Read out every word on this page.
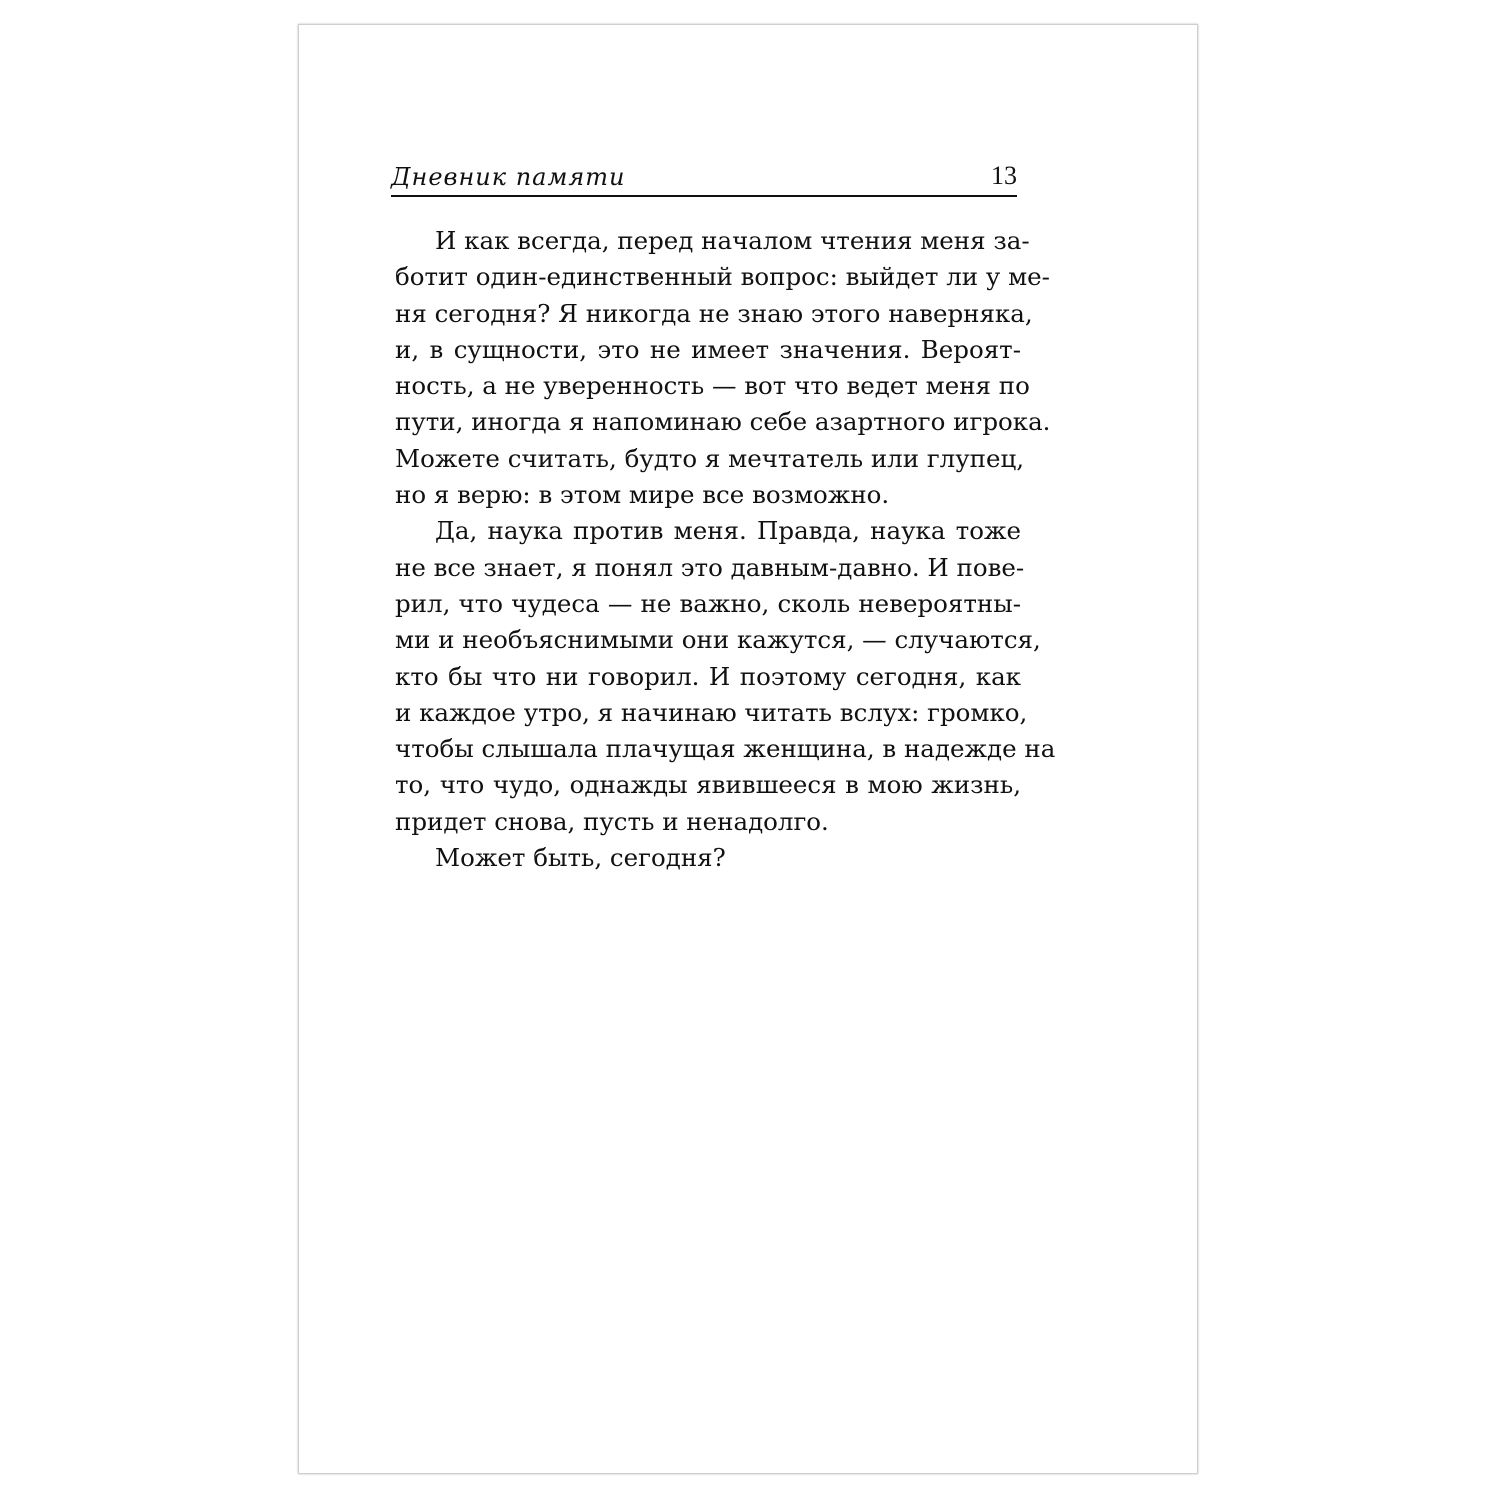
Дневник памяти	13
И как всегда, перед началом чтения меня за-
ботит один-единственный вопрос: выйдет ли у ме-
ня сегодня? Я никогда не знаю этого наверняка,
и, в сущности, это не имеет значения. Вероят-
ность, а не уверенность — вот что ведет меня по
пути, иногда я напоминаю себе азартного игрока.
Можете считать, будто я мечтатель или глупец,
но я верю: в этом мире все возможно.
Да, наука против меня. Правда, наука тоже
не все знает, я понял это давным-давно. И пове-
рил, что чудеса — не важно, сколь невероятны-
ми и необъяснимыми они кажутся, — случаются,
кто бы что ни говорил. И поэтому сегодня, как
и каждое утро, я начинаю читать вслух: громко,
чтобы слышала плачущая женщина, в надежде на
то, что чудо, однажды явившееся в мою жизнь,
придет снова, пусть и ненадолго.
Может быть, сегодня?
